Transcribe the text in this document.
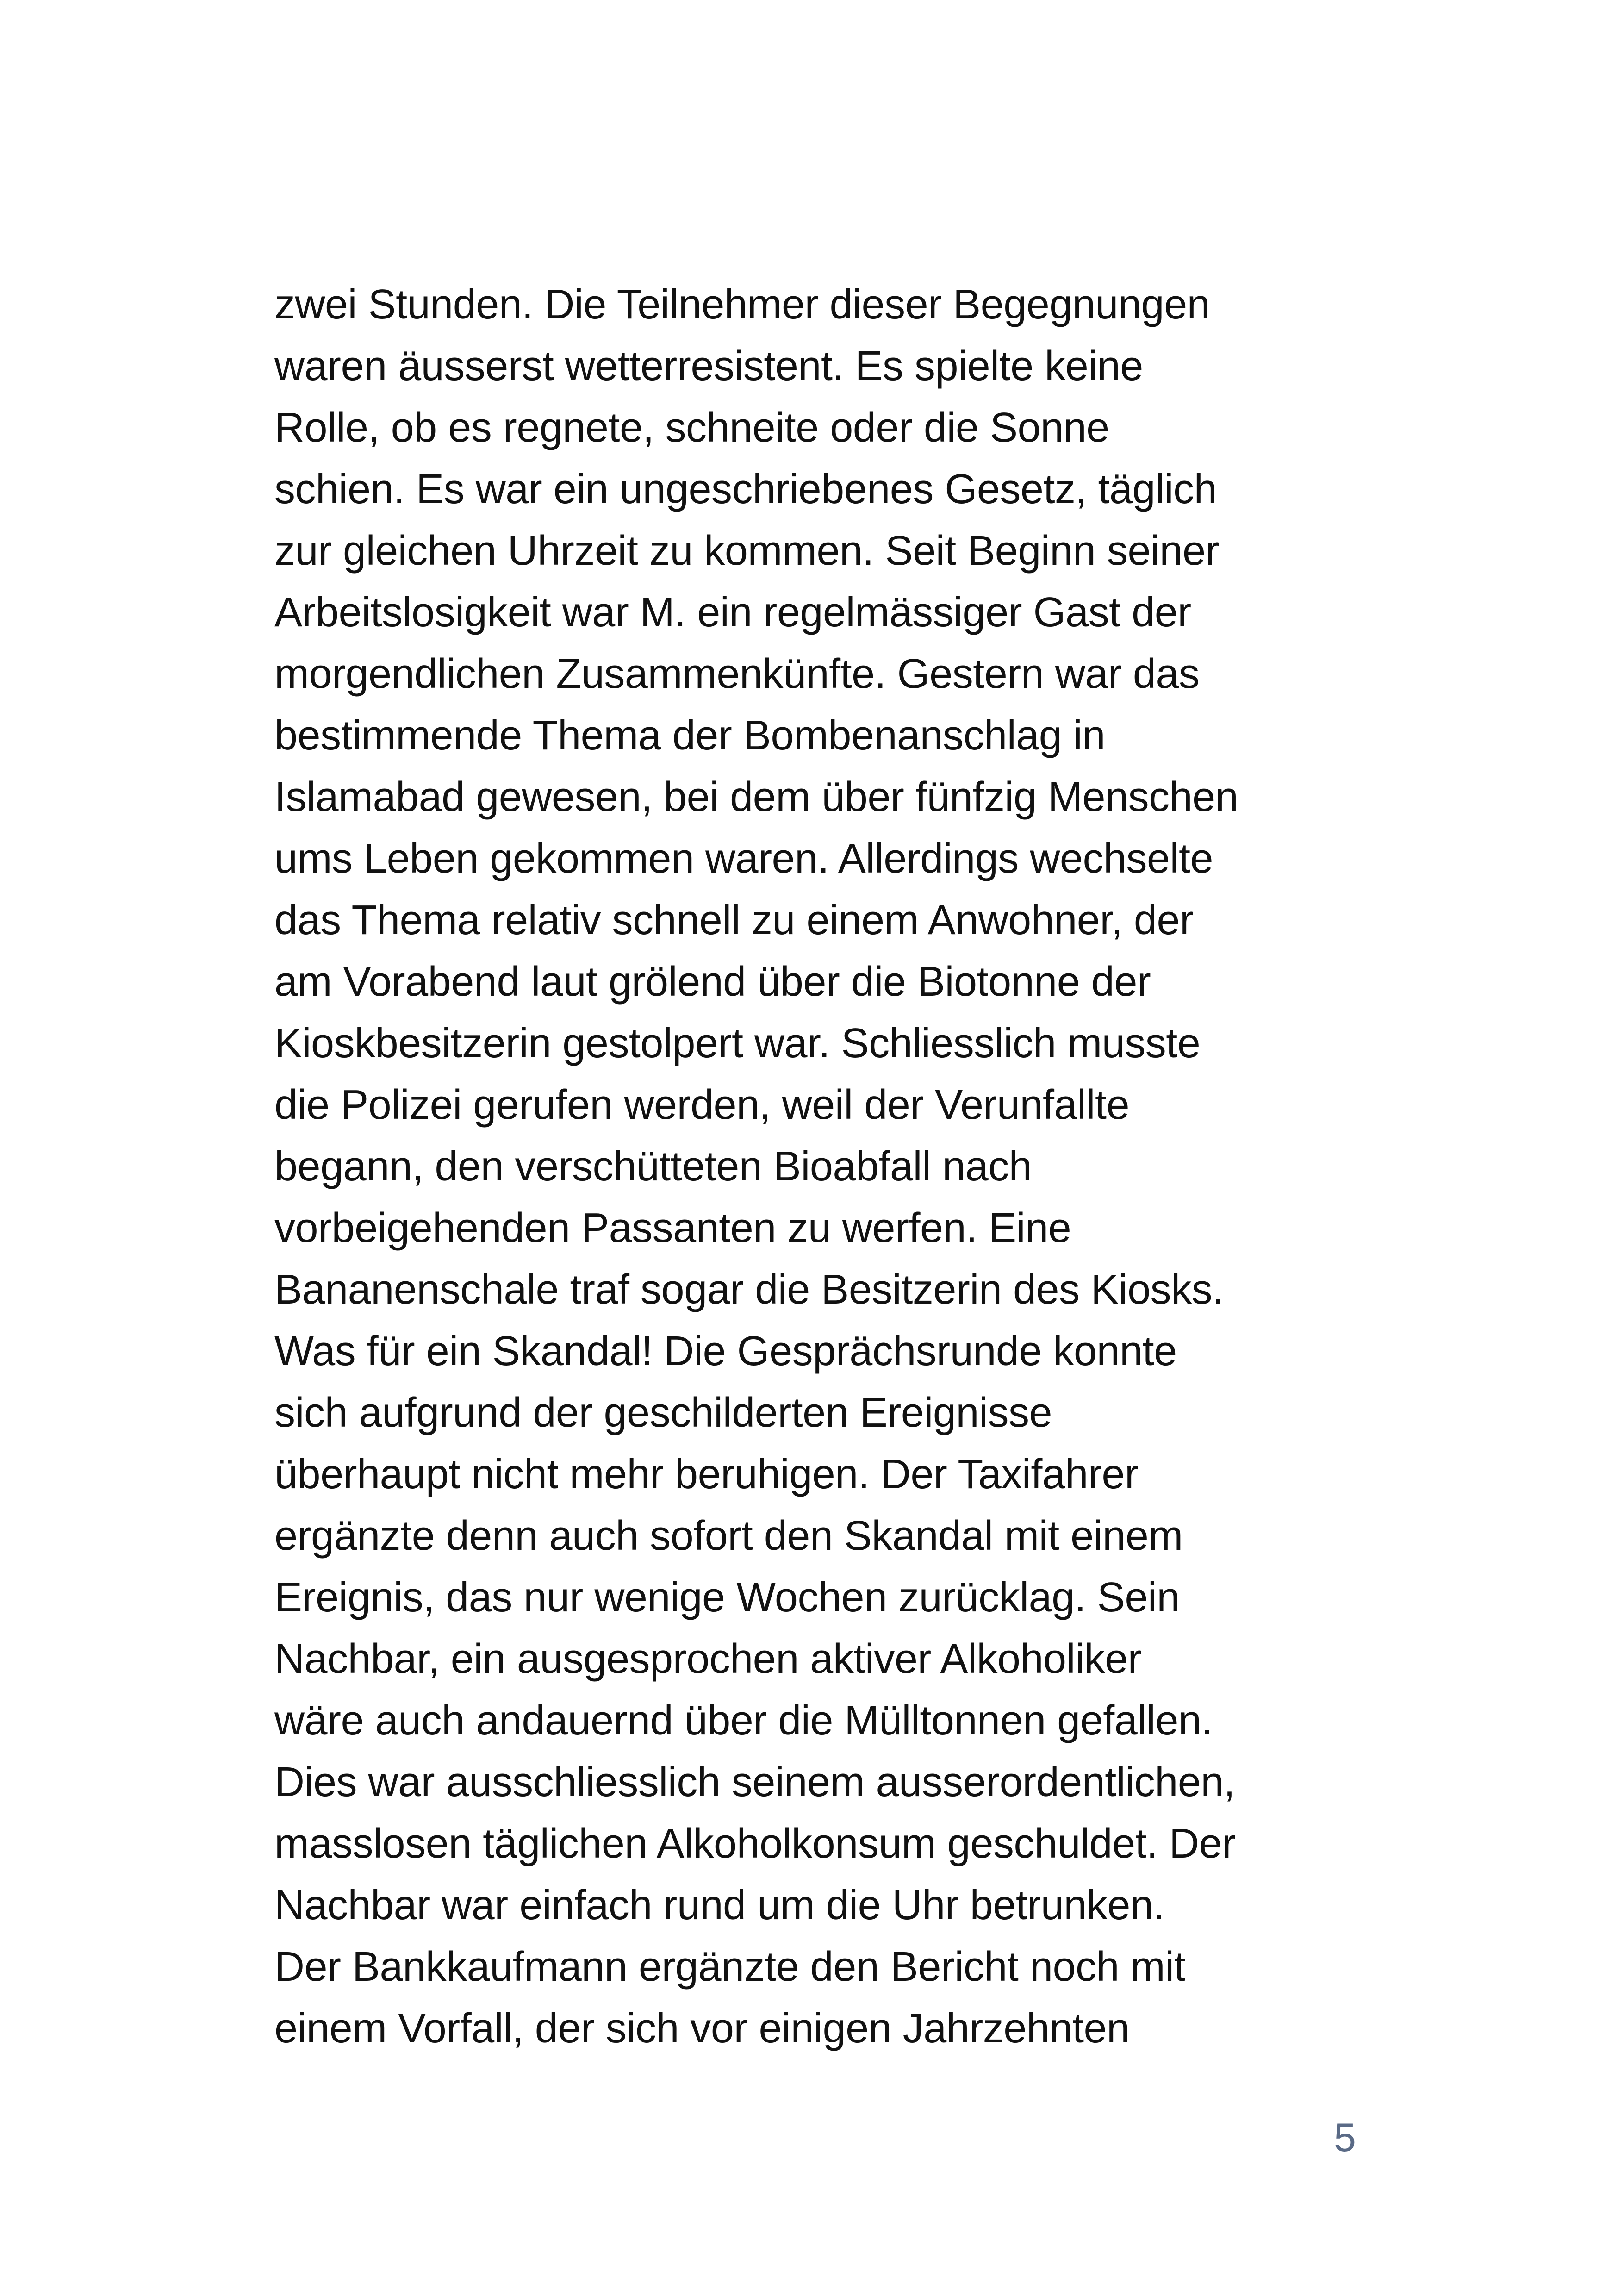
zwei Stunden. Die Teilnehmer dieser Begegnungen
waren äusserst wetterresistent. Es spielte keine
Rolle, ob es regnete, schneite oder die Sonne
schien. Es war ein ungeschriebenes Gesetz, täglich
zur gleichen Uhrzeit zu kommen. Seit Beginn seiner
Arbeitslosigkeit war M. ein regelmässiger Gast der
morgendlichen Zusammenkünfte. Gestern war das
bestimmende Thema der Bombenanschlag in
Islamabad gewesen, bei dem über fünfzig Menschen
ums Leben gekommen waren. Allerdings wechselte
das Thema relativ schnell zu einem Anwohner, der
am Vorabend laut grölend über die Biotonne der
Kioskbesitzerin gestolpert war. Schliesslich musste
die Polizei gerufen werden, weil der Verunfallte
begann, den verschütteten Bioabfall nach
vorbeigehenden Passanten zu werfen. Eine
Bananenschale traf sogar die Besitzerin des Kiosks.
Was für ein Skandal! Die Gesprächsrunde konnte
sich aufgrund der geschilderten Ereignisse
überhaupt nicht mehr beruhigen. Der Taxifahrer
ergänzte denn auch sofort den Skandal mit einem
Ereignis, das nur wenige Wochen zurücklag. Sein
Nachbar, ein ausgesprochen aktiver Alkoholiker
wäre auch andauernd über die Mülltonnen gefallen.
Dies war ausschliesslich seinem ausserordentlichen,
masslosen täglichen Alkoholkonsum geschuldet. Der
Nachbar war einfach rund um die Uhr betrunken.
Der Bankkaufmann ergänzte den Bericht noch mit
einem Vorfall, der sich vor einigen Jahrzehnten
5
